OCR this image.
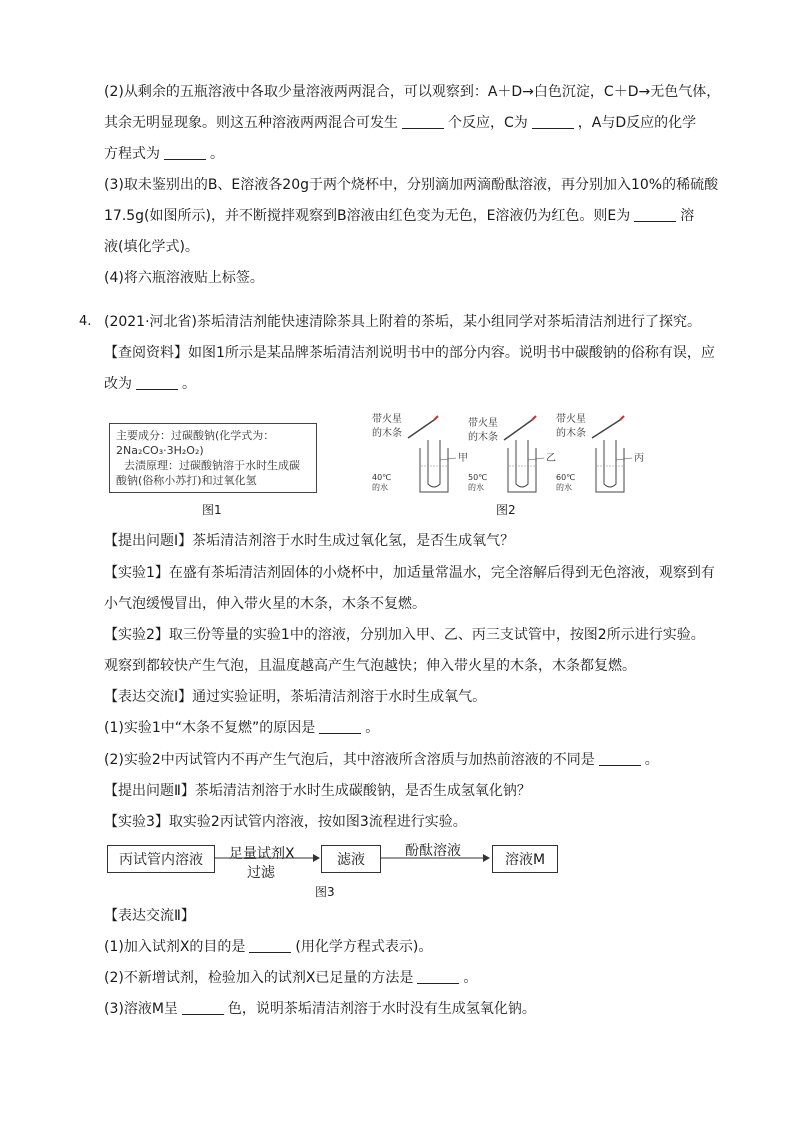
(2)从剩余的五瓶溶液中各取少量溶液两两混合，可以观察到：A＋D→白色沉淀，C＋D→无色气体，
其余无明显现象。则这五种溶液两两混合可发生	个反应，C为	，A与D反应的化学
方程式为	。
(3)取未鉴别出的B、E溶液各20g于两个烧杯中，分别滴加两滴酚酞溶液，再分别加入10%的稀硫酸
17.5g(如图所示)，并不断搅拌观察到B溶液由红色变为无色，E溶液仍为红色。则E为	溶
液(填化学式)。
(4)将六瓶溶液贴上标签。
4. (2021·河北省)茶垢清洁剂能快速清除茶具上附着的茶垢，某小组同学对茶垢清洁剂进行了探究。
【查阅资料】如图1所示是某品牌茶垢清洁剂说明书中的部分内容。说明书中碳酸钠的俗称有误，应
改为	。
主要成分：过碳酸钠(化学式为：
2Na₂CO₃·3H₂O₂)
去渍原理：过碳酸钠溶于水时生成碳
酸钠(俗称小苏打)和过氧化氢
图1
带火星
的木条
甲
40℃
的水
带火星
的木条
乙
50℃
的水
带火星
的木条
丙
60℃
的水
图2
【提出问题Ⅰ】茶垢清洁剂溶于水时生成过氧化氢，是否生成氧气？
【实验1】在盛有茶垢清洁剂固体的小烧杯中，加适量常温水，完全溶解后得到无色溶液，观察到有
小气泡缓慢冒出，伸入带火星的木条，木条不复燃。
【实验2】取三份等量的实验1中的溶液，分别加入甲、乙、丙三支试管中，按图2所示进行实验。
观察到都较快产生气泡，且温度越高产生气泡越快；伸入带火星的木条，木条都复燃。
【表达交流Ⅰ】通过实验证明，茶垢清洁剂溶于水时生成氧气。
(1)实验1中“木条不复燃”的原因是	。
(2)实验2中丙试管内不再产生气泡后，其中溶液所含溶质与加热前溶液的不同是	。
【提出问题Ⅱ】茶垢清洁剂溶于水时生成碳酸钠，是否生成氢氧化钠？
【实验3】取实验2丙试管内溶液，按如图3流程进行实验。
丙试管内溶液	足量试剂X
过滤
滤液
酚酞溶液
溶液M
图3
【表达交流Ⅱ】
(1)加入试剂X的目的是	(用化学方程式表示)。
(2)不新增试剂，检验加入的试剂X已足量的方法是	。
(3)溶液M呈	色，说明茶垢清洁剂溶于水时没有生成氢氧化钠。
